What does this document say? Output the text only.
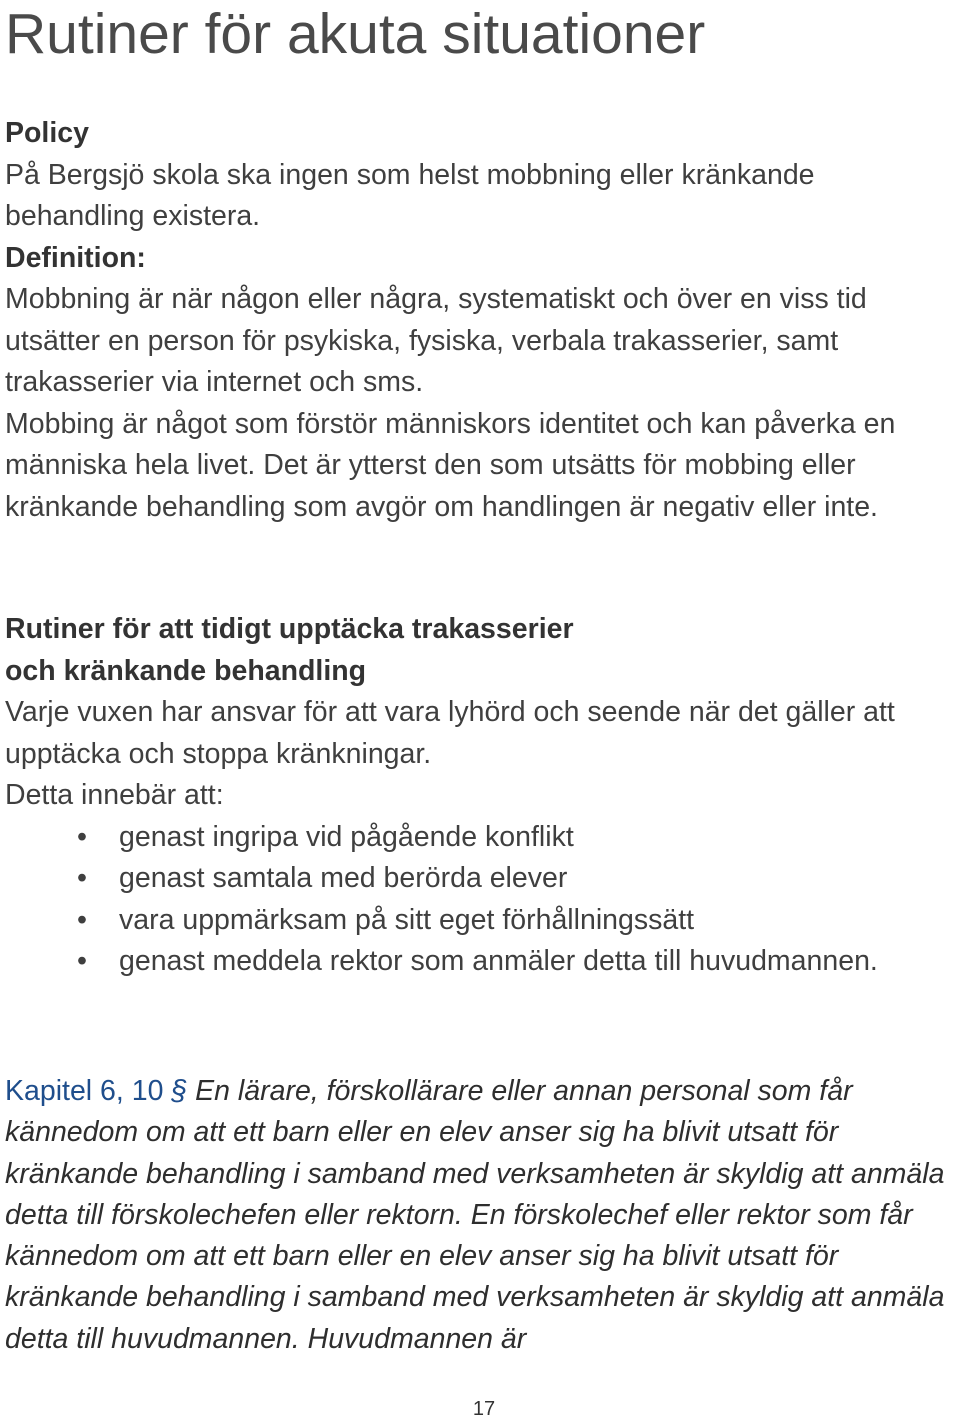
Rutiner för akuta situationer

Policy

På Bergsjö skola ska ingen som helst mobbning eller kränkande behandling existera.

Definition:

Mobbning är när någon eller några, systematiskt och över en viss tid utsätter en person för psykiska, fysiska, verbala trakasserier, samt trakasserier via internet och sms.

Mobbing är något som förstör människors identitet och kan påverka en människa hela livet. Det är ytterst den som utsätts för mobbing eller kränkande behandling som avgör om handlingen är negativ eller inte.

Rutiner för att tidigt upptäcka trakasserier

och kränkande behandling

Varje vuxen har ansvar för att vara lyhörd och seende när det gäller att upptäcka och stoppa kränkningar.

Detta innebär att:

• genast ingripa vid pågående konflikt
• genast samtala med berörda elever
• vara uppmärksam på sitt eget förhållningssätt
• genast meddela rektor som anmäler detta till huvudmannen.

Kapitel 6, 10 § En lärare, förskollärare eller annan personal som får kännedom om att ett barn eller en elev anser sig ha blivit utsatt för kränkande behandling i samband med verksamheten är skyldig att anmäla detta till förskolechefen eller rektorn. En förskolechef eller rektor som får kännedom om att ett barn eller en elev anser sig ha blivit utsatt för kränkande behandling i samband med verksamheten är skyldig att anmäla detta till huvudmannen. Huvudmannen är

17
